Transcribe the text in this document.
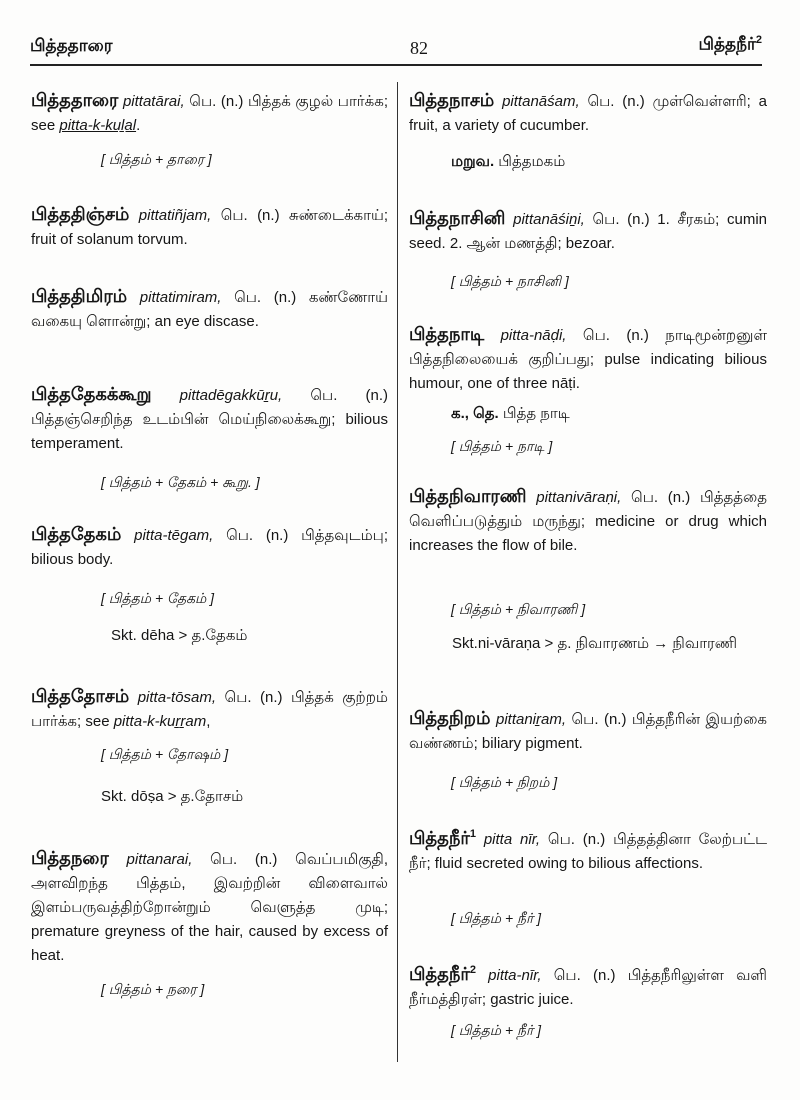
பித்ததாரை	82	பித்தநீர்$^2$
பித்ததாரை pittatārai, பெ. (n.) பித்தக் குழல் பார்க்க; see pitta-k-kuḻal.
[ பித்தம் + தாரை ]
பித்ததிஞ்சம் pittatiñjam, பெ. (n.) சுண்டைக்காய்; fruit of solanum torvum.
பித்ததிமிரம் pittatimiram, பெ. (n.) கண்ணோய் வகையு ளொன்று; an eye discase.
பித்ததேகக்கூறு pittadēgakkūṟu, பெ. (n.) பித்தஞ்செறிந்த உடம்பின் மெய்நிலைக்கூறு; bilious temperament.
[ பித்தம் + தேகம் + கூறு. ]
பித்ததேகம் pitta-tēgam, பெ. (n.) பித்தவுடம்பு; bilious body.
[ பித்தம் + தேகம் ]
Skt. dēha > த.தேகம்
பித்ததோசம் pitta-tōsam, பெ. (n.) பித்தக் குற்றம் பார்க்க; see pitta-k-kuṟṟam,
[ பித்தம் + தோஷம் ]
Skt. dōṣa > த.தோசம்
பித்தநரை pittanarai, பெ. (n.) வெப்பமிகுதி, அளவிறந்த பித்தம், இவற்றின் விளைவால் இளம்பருவத்திற்றோன்றும் வெளுத்த முடி; premature greyness of the hair, caused by excess of heat.
[ பித்தம் + நரை ]
பித்தநாசம் pittanāśam, பெ. (n.) முள்வெள்ளரி; a fruit, a variety of cucumber.
மறுவ. பித்தமகம்
பித்தநாசினி pittanāśiṉi, பெ. (n.) 1. சீரகம்; cumin seed. 2. ஆன் மணத்தி; bezoar.
[ பித்தம் + நாசினி ]
பித்தநாடி pitta-nāḍi, பெ. (n.) நாடிமூன்றனுள் பித்தநிலையைக் குறிப்பது; pulse indicating bilious humour, one of three nāṭi.
க., தெ. பித்த நாடி
[ பித்தம் + நாடி ]
பித்தநிவாரணி pittanivāraṇi, பெ. (n.) பித்தத்தை வெளிப்படுத்தும் மருந்து; medicine or drug which increases the flow of bile.
[ பித்தம் + நிவாரணி ]
Skt.ni-vāraṇa > த. நிவாரணம் → நிவாரணி
பித்தநிறம் pittaniṟam, பெ. (n.) பித்தநீரின் இயற்கை வண்ணம்; biliary pigment.
[ பித்தம் + நிறம் ]
பித்தநீர்$^1$ pitta nīr, பெ. (n.) பித்தத்தினா லேற்பட்ட நீர்; fluid secreted owing to bilious affections.
[ பித்தம் + நீர் ]
பித்தநீர்$^2$ pitta-nīr, பெ. (n.) பித்தநீரிலுள்ள வளி நீர்மத்திரள்; gastric juice.
[ பித்தம் + நீர் ]
